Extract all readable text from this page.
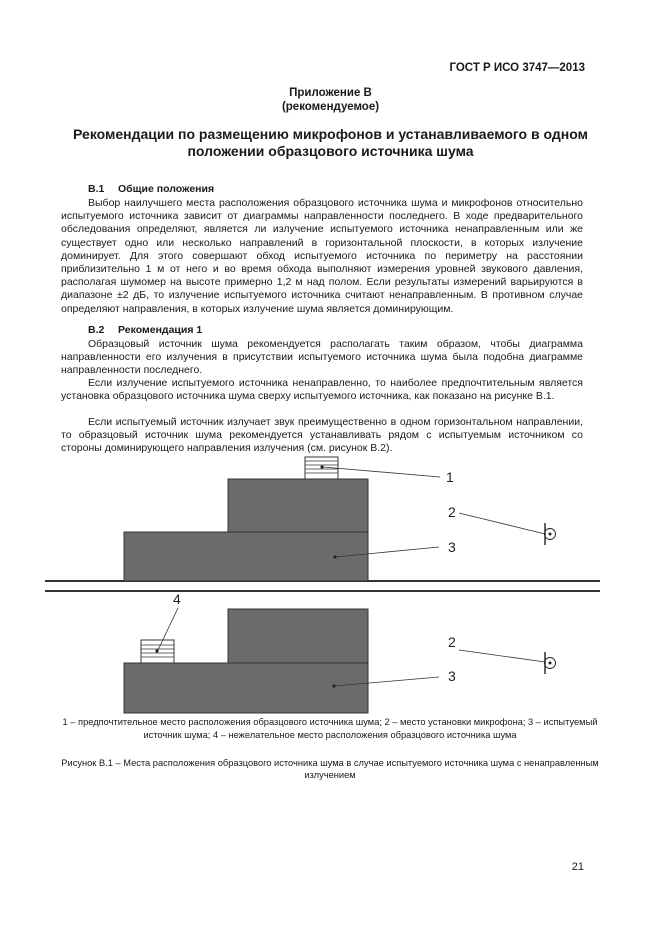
ГОСТ Р ИСО 3747—2013
Приложение В
(рекомендуемое)
Рекомендации по размещению микрофонов и устанавливаемого в одном положении образцового источника шума
В.1 Общие положения
Выбор наилучшего места расположения образцового источника шума и микрофонов относительно испытуемого источника зависит от диаграммы направленности последнего. В ходе предварительного обследования определяют, является ли излучение испытуемого источника ненаправленным или же существует одно или несколько направлений в горизонтальной плоскости, в которых излучение доминирует. Для этого совершают обход испытуемого источника по периметру на расстоянии приблизительно 1 м от него и во время обхода выполняют измерения уровней звукового давления, располагая шумомер на высоте примерно 1,2 м над полом. Если результаты измерений варьируются в диапазоне ±2 дБ, то излучение испытуемого источника считают ненаправленным. В противном случае определяют направления, в которых излучение шума является доминирующим.
В.2 Рекомендация 1
Образцовый источник шума рекомендуется располагать таким образом, чтобы диаграмма направленности его излучения в присутствии испытуемого источника шума была подобна диаграмме направленности последнего.
Если излучение испытуемого источника ненаправленно, то наиболее предпочтительным является установка образцового источника шума сверху испытуемого источника, как показано на рисунке В.1.
Если испытуемый источник излучает звук преимущественно в одном горизонтальном направлении, то образцовый источник шума рекомендуется устанавливать рядом с испытуемым источником со стороны доминирующего направления излучения (см. рисунок В.2).
1
2
3
4
2
3
1 – предпочтительное место расположения образцового источника шума; 2 – место установки микрофона; 3 – испытуемый источник шума; 4 – нежелательное место расположения образцового источника шума
Рисунок В.1 – Места расположения образцового источника шума в случае испытуемого источника шума с ненаправленным излучением
21
